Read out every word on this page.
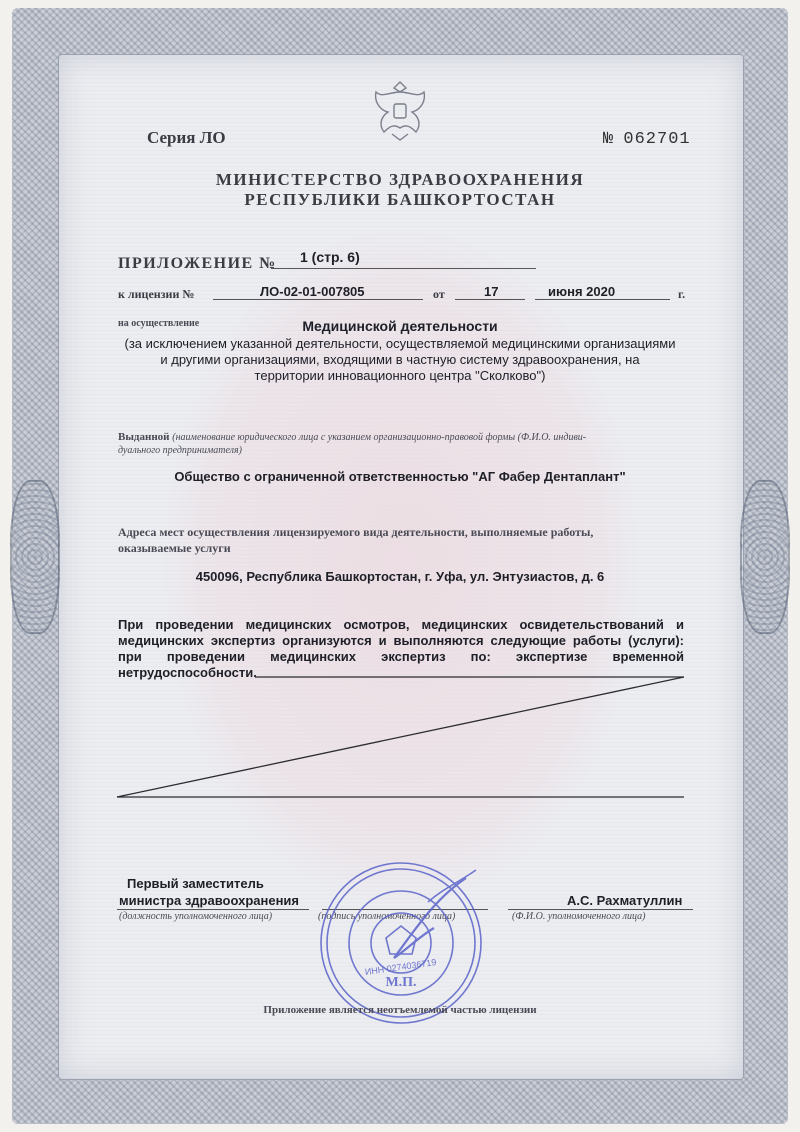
Серия ЛО	№ 062701
МИНИСТЕРСТВО ЗДРАВООХРАНЕНИЯ
РЕСПУБЛИКИ БАШКОРТОСТАН
ПРИЛОЖЕНИЕ № 1 (стр. 6)
к лицензии №	ЛО-02-01-007805	от	17	июня 2020	г.
на осуществление	Медицинской деятельности
(за исключением указанной деятельности, осуществляемой медицинскими организациями
и другими организациями, входящими в частную систему здравоохранения, на
территории инновационного центра "Сколково")
Выданной (наименование юридического лица с указанием организационно-правовой формы (Ф.И.О. индиви-
дуального предпринимателя)
Общество с ограниченной ответственностью "АГ Фабер Дентаплант"
Адреса мест осуществления лицензируемого вида деятельности, выполняемые работы,
оказываемые услуги
450096, Республика Башкортостан, г. Уфа, ул. Энтузиастов, д. 6
При проведении медицинских осмотров, медицинских освидетельствований и
медицинских экспертиз организуются и выполняются следующие работы (услуги):
при проведении медицинских экспертиз по: экспертизе временной
нетрудоспособности.
Первый заместитель
министра здравоохранения	А.С. Рахматуллин
(должность уполномоченного лица)	(подпись уполномоченного лица)	(Ф.И.О. уполномоченного лица)
М.П.
ИНН 0274036719
Приложение является неотъемлемой частью лицензии
